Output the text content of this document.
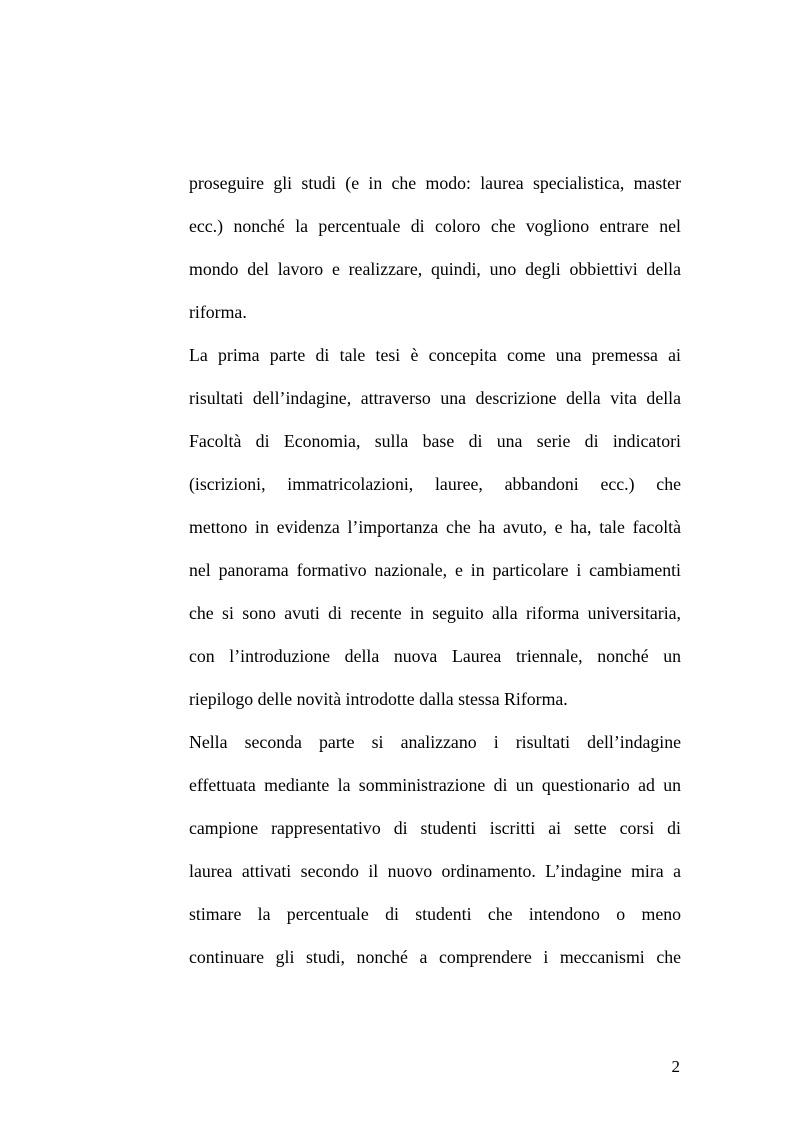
proseguire gli studi (e in che modo: laurea specialistica, master
ecc.) nonché la percentuale di coloro che vogliono entrare nel
mondo del lavoro e realizzare, quindi, uno degli obbiettivi della
riforma.
La prima parte di tale tesi è concepita come una premessa ai
risultati dell’indagine, attraverso una descrizione della vita della
Facoltà di Economia, sulla base di una serie di indicatori
(iscrizioni, immatricolazioni, lauree, abbandoni ecc.) che
mettono in evidenza l’importanza che ha avuto, e ha, tale facoltà
nel panorama formativo nazionale, e in particolare i cambiamenti
che si sono avuti di recente in seguito alla riforma universitaria,
con l’introduzione della nuova Laurea triennale, nonché un
riepilogo delle novità introdotte dalla stessa Riforma.
Nella seconda parte si analizzano i risultati dell’indagine
effettuata mediante la somministrazione di un questionario ad un
campione rappresentativo di studenti iscritti ai sette corsi di
laurea attivati secondo il nuovo ordinamento. L’indagine mira a
stimare la percentuale di studenti che intendono o meno
continuare gli studi, nonché a comprendere i meccanismi che
2
